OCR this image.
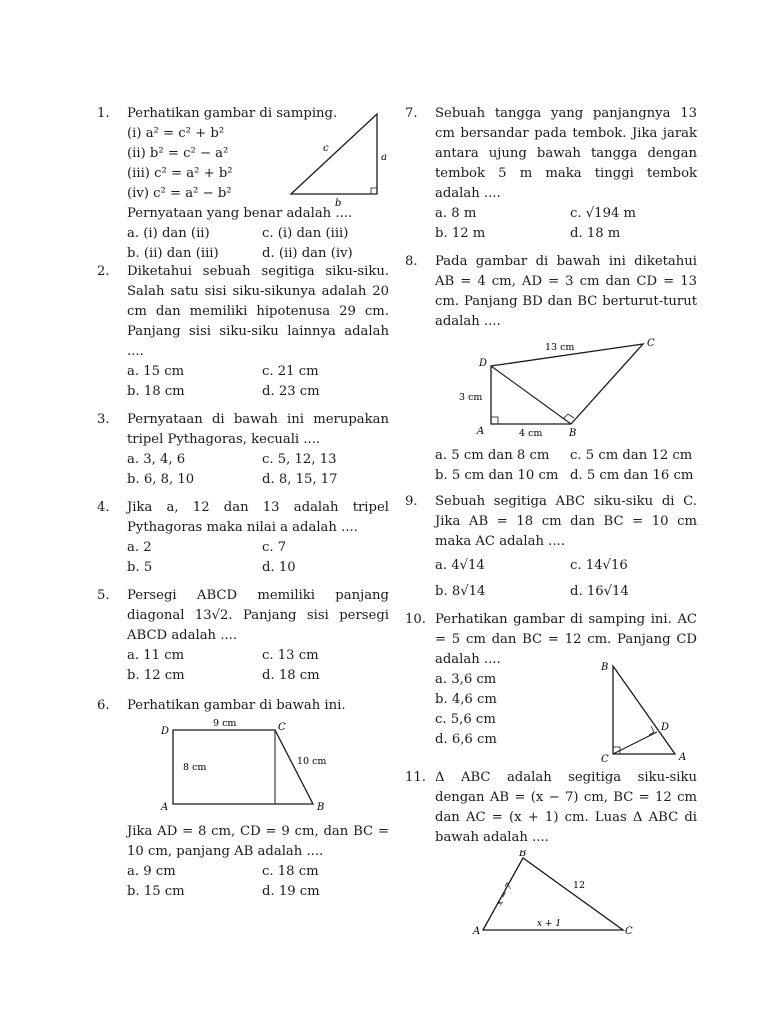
1.	Perhatikan gambar di samping.
(i) a² = c² + b²
(ii) b² = c² − a²
(iii) c² = a² + b²
(iv) c² = a² − b²
Pernyataan yang benar adalah ....
a. (i) dan (ii)	c. (i) dan (iii)
b. (ii) dan (iii)	d. (ii) dan (iv)
c
a
b
2.	Diketahui sebuah segitiga siku-siku. Salah satu sisi siku-sikunya adalah 20 cm dan memiliki hipotenusa 29 cm. Panjang sisi siku-siku lainnya adalah ....
a. 15 cm	c. 21 cm
b. 18 cm	d. 23 cm
3.	Pernyataan di bawah ini merupakan tripel Pythagoras, kecuali ....
a. 3, 4, 6	c. 5, 12, 13
b. 6, 8, 10	d. 8, 15, 17
4.	Jika a, 12 dan 13 adalah tripel Pythagoras maka nilai a adalah ....
a. 2	c. 7
b. 5	d. 10
5.	Persegi ABCD memiliki panjang diagonal 13√2. Panjang sisi persegi ABCD adalah ....
a. 11 cm	c. 13 cm
b. 12 cm	d. 18 cm
6.	Perhatikan gambar di bawah ini.
D	C
A	B
9 cm
8 cm
10 cm
Jika AD = 8 cm, CD = 9 cm, dan BC = 10 cm, panjang AB adalah ....
a. 9 cm	c. 18 cm
b. 15 cm	d. 19 cm
7.	Sebuah tangga yang panjangnya 13 cm bersandar pada tembok. Jika jarak antara ujung bawah tangga dengan tembok 5 m maka tinggi tembok adalah ....
a. 8 m	c. √194 m
b. 12 m	d. 18 m
8.	Pada gambar di bawah ini diketahui AB = 4 cm, AD = 3 cm dan CD = 13 cm. Panjang BD dan BC berturut-turut adalah ....
D
C
A	B
13 cm
3 cm
4 cm
a. 5 cm dan 8 cm	c. 5 cm dan 12 cm
b. 5 cm dan 10 cm d. 5 cm dan 16 cm
9.	Sebuah segitiga ABC siku-siku di C. Jika AB = 18 cm dan BC = 10 cm maka AC adalah ....
a. 4√14	c. 14√16
b. 8√14	d. 16√14
10. Perhatikan gambar di samping ini. AC = 5 cm dan BC = 12 cm. Panjang CD adalah ....
a. 3,6 cm
b. 4,6 cm
c. 5,6 cm
d. 6,6 cm
B
D
C	A
11. Δ ABC adalah segitiga siku-siku dengan AB = (x − 7) cm, BC = 12 cm dan AC = (x + 1) cm. Luas Δ ABC di bawah adalah ....
B
A	C
x − 7	12
x + 1
